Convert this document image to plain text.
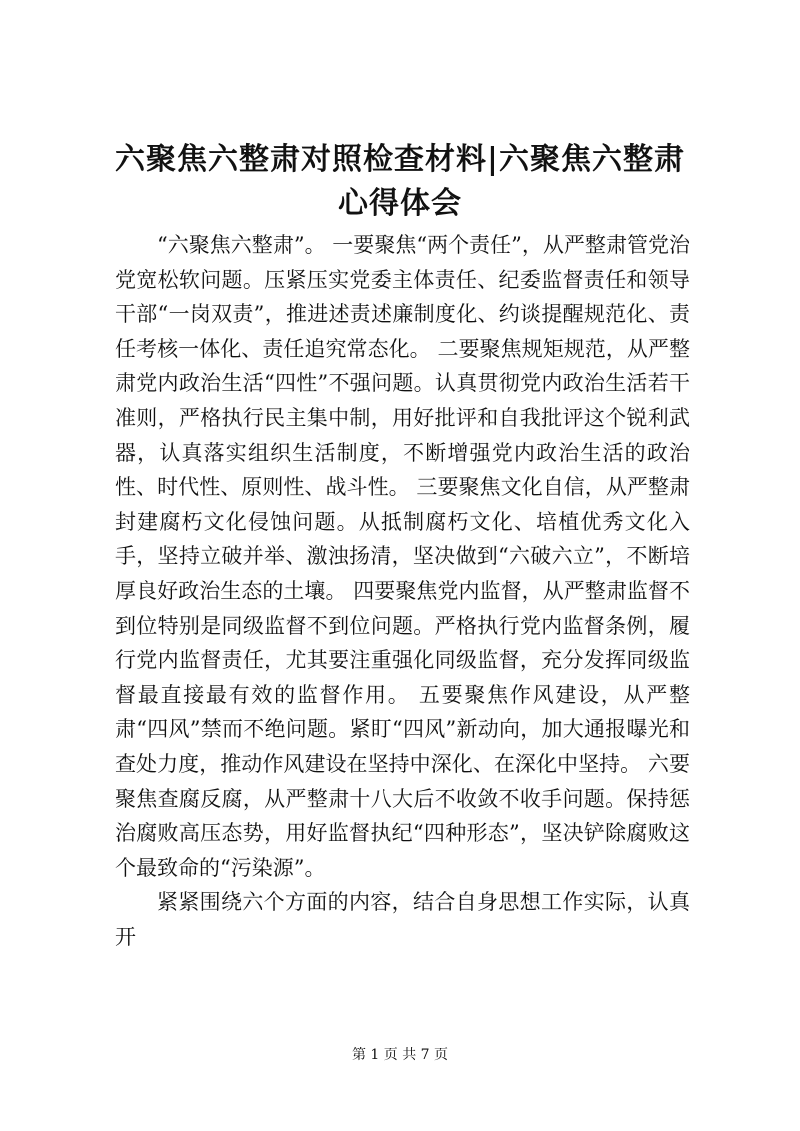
六聚焦六整肃对照检查材料|六聚焦六整肃心得体会

“六聚焦六整肃”。 一要聚焦“两个责任”，从严整肃管党治党宽松软问题。压紧压实党委主体责任、纪委监督责任和领导干部“一岗双责”，推进述责述廉制度化、约谈提醒规范化、责任考核一体化、责任追究常态化。 二要聚焦规矩规范，从严整肃党内政治生活“四性”不强问题。认真贯彻党内政治生活若干准则，严格执行民主集中制，用好批评和自我批评这个锐利武器，认真落实组织生活制度，不断增强党内政治生活的政治性、时代性、原则性、战斗性。 三要聚焦文化自信，从严整肃封建腐朽文化侵蚀问题。从抵制腐朽文化、培植优秀文化入手，坚持立破并举、激浊扬清，坚决做到“六破六立”，不断培厚良好政治生态的土壤。 四要聚焦党内监督，从严整肃监督不到位特别是同级监督不到位问题。严格执行党内监督条例，履行党内监督责任，尤其要注重强化同级监督，充分发挥同级监督最直接最有效的监督作用。 五要聚焦作风建设，从严整肃“四风”禁而不绝问题。紧盯“四风”新动向，加大通报曝光和查处力度，推动作风建设在坚持中深化、在深化中坚持。 六要聚焦查腐反腐，从严整肃十八大后不收敛不收手问题。保持惩治腐败高压态势，用好监督执纪“四种形态”，坚决铲除腐败这个最致命的“污染源”。

紧紧围绕六个方面的内容，结合自身思想工作实际，认真开

第 1 页 共 7 页
